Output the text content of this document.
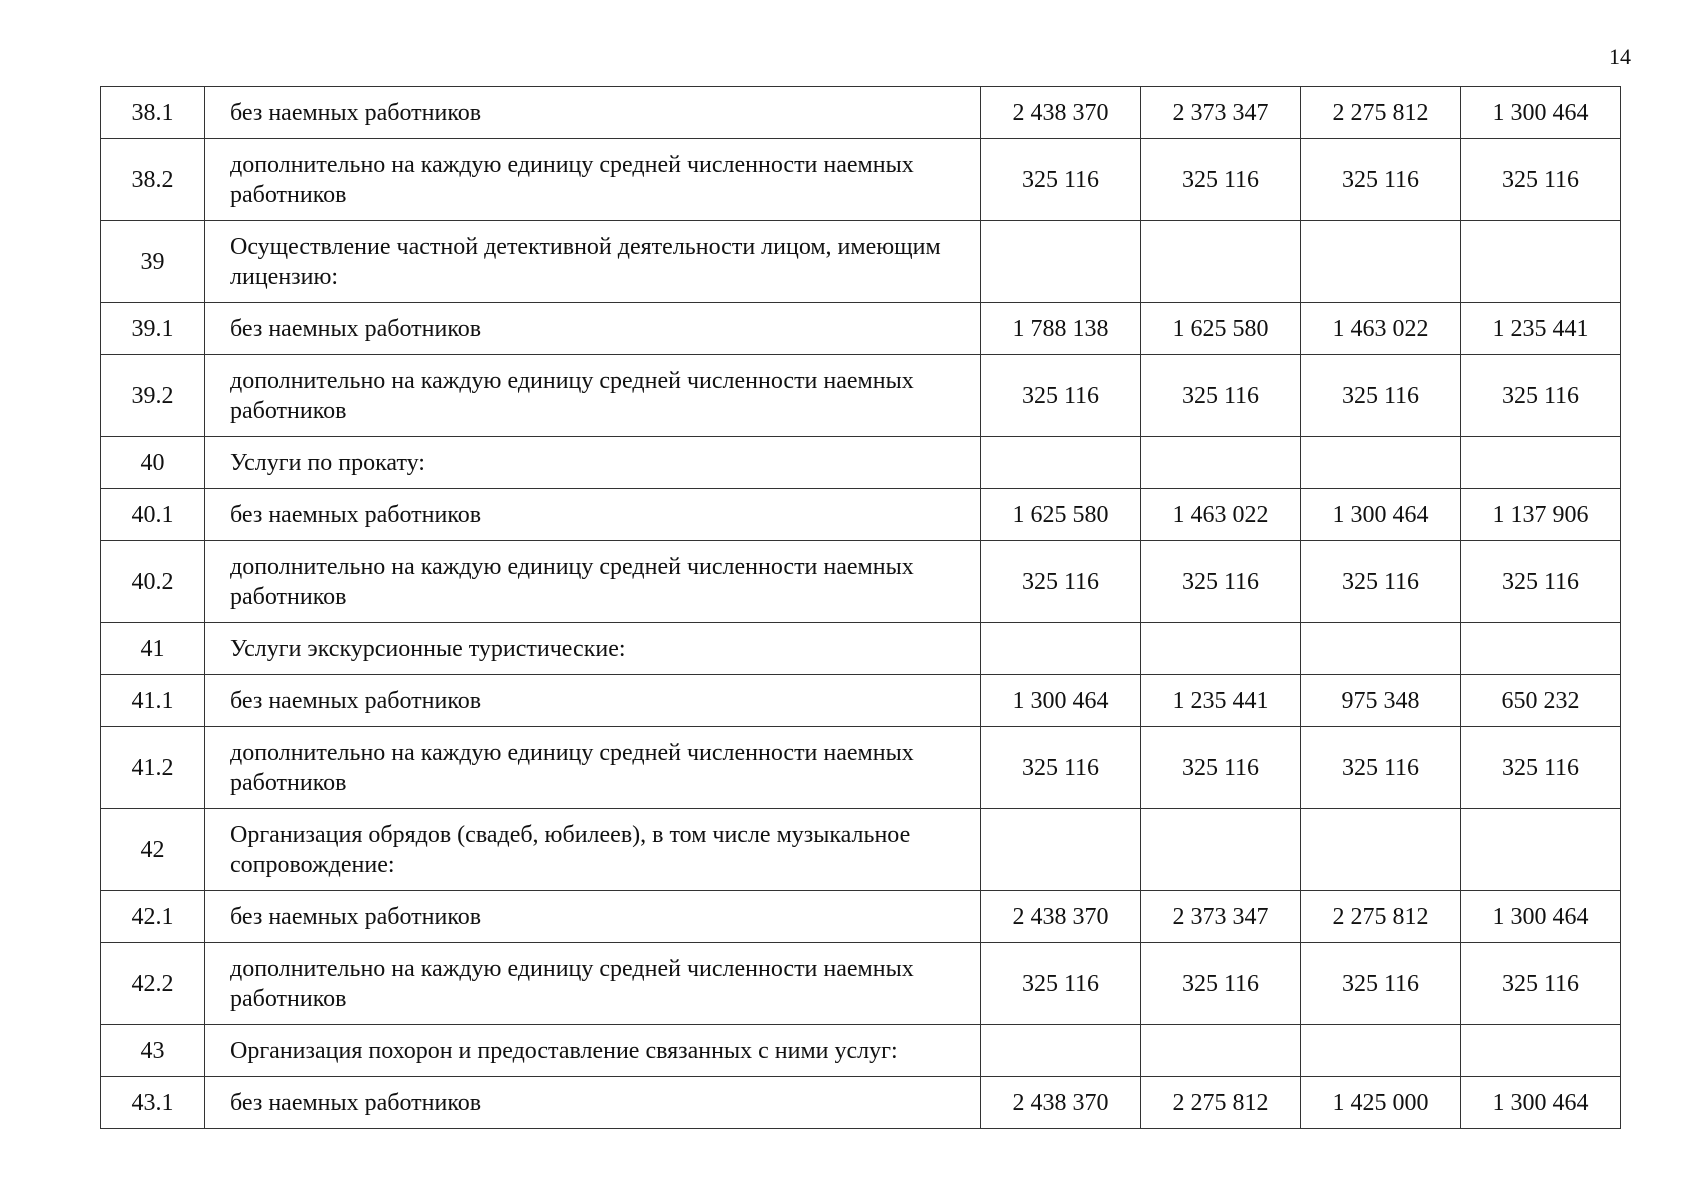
14
38.1	без наемных работников	2 438 370	2 373 347	2 275 812	1 300 464
38.2	дополнительно на каждую единицу средней численности наемных работников	325 116	325 116	325 116	325 116
39	Осуществление частной детективной деятельности лицом, имеющим лицензию:				
39.1	без наемных работников	1 788 138	1 625 580	1 463 022	1 235 441
39.2	дополнительно на каждую единицу средней численности наемных работников	325 116	325 116	325 116	325 116
40	Услуги по прокату:				
40.1	без наемных работников	1 625 580	1 463 022	1 300 464	1 137 906
40.2	дополнительно на каждую единицу средней численности наемных работников	325 116	325 116	325 116	325 116
41	Услуги экскурсионные туристические:				
41.1	без наемных работников	1 300 464	1 235 441	975 348	650 232
41.2	дополнительно на каждую единицу средней численности наемных работников	325 116	325 116	325 116	325 116
42	Организация обрядов (свадеб, юбилеев), в том числе музыкальное сопровождение:				
42.1	без наемных работников	2 438 370	2 373 347	2 275 812	1 300 464
42.2	дополнительно на каждую единицу средней численности наемных работников	325 116	325 116	325 116	325 116
43	Организация похорон и предоставление связанных с ними услуг:				
43.1	без наемных работников	2 438 370	2 275 812	1 425 000	1 300 464
